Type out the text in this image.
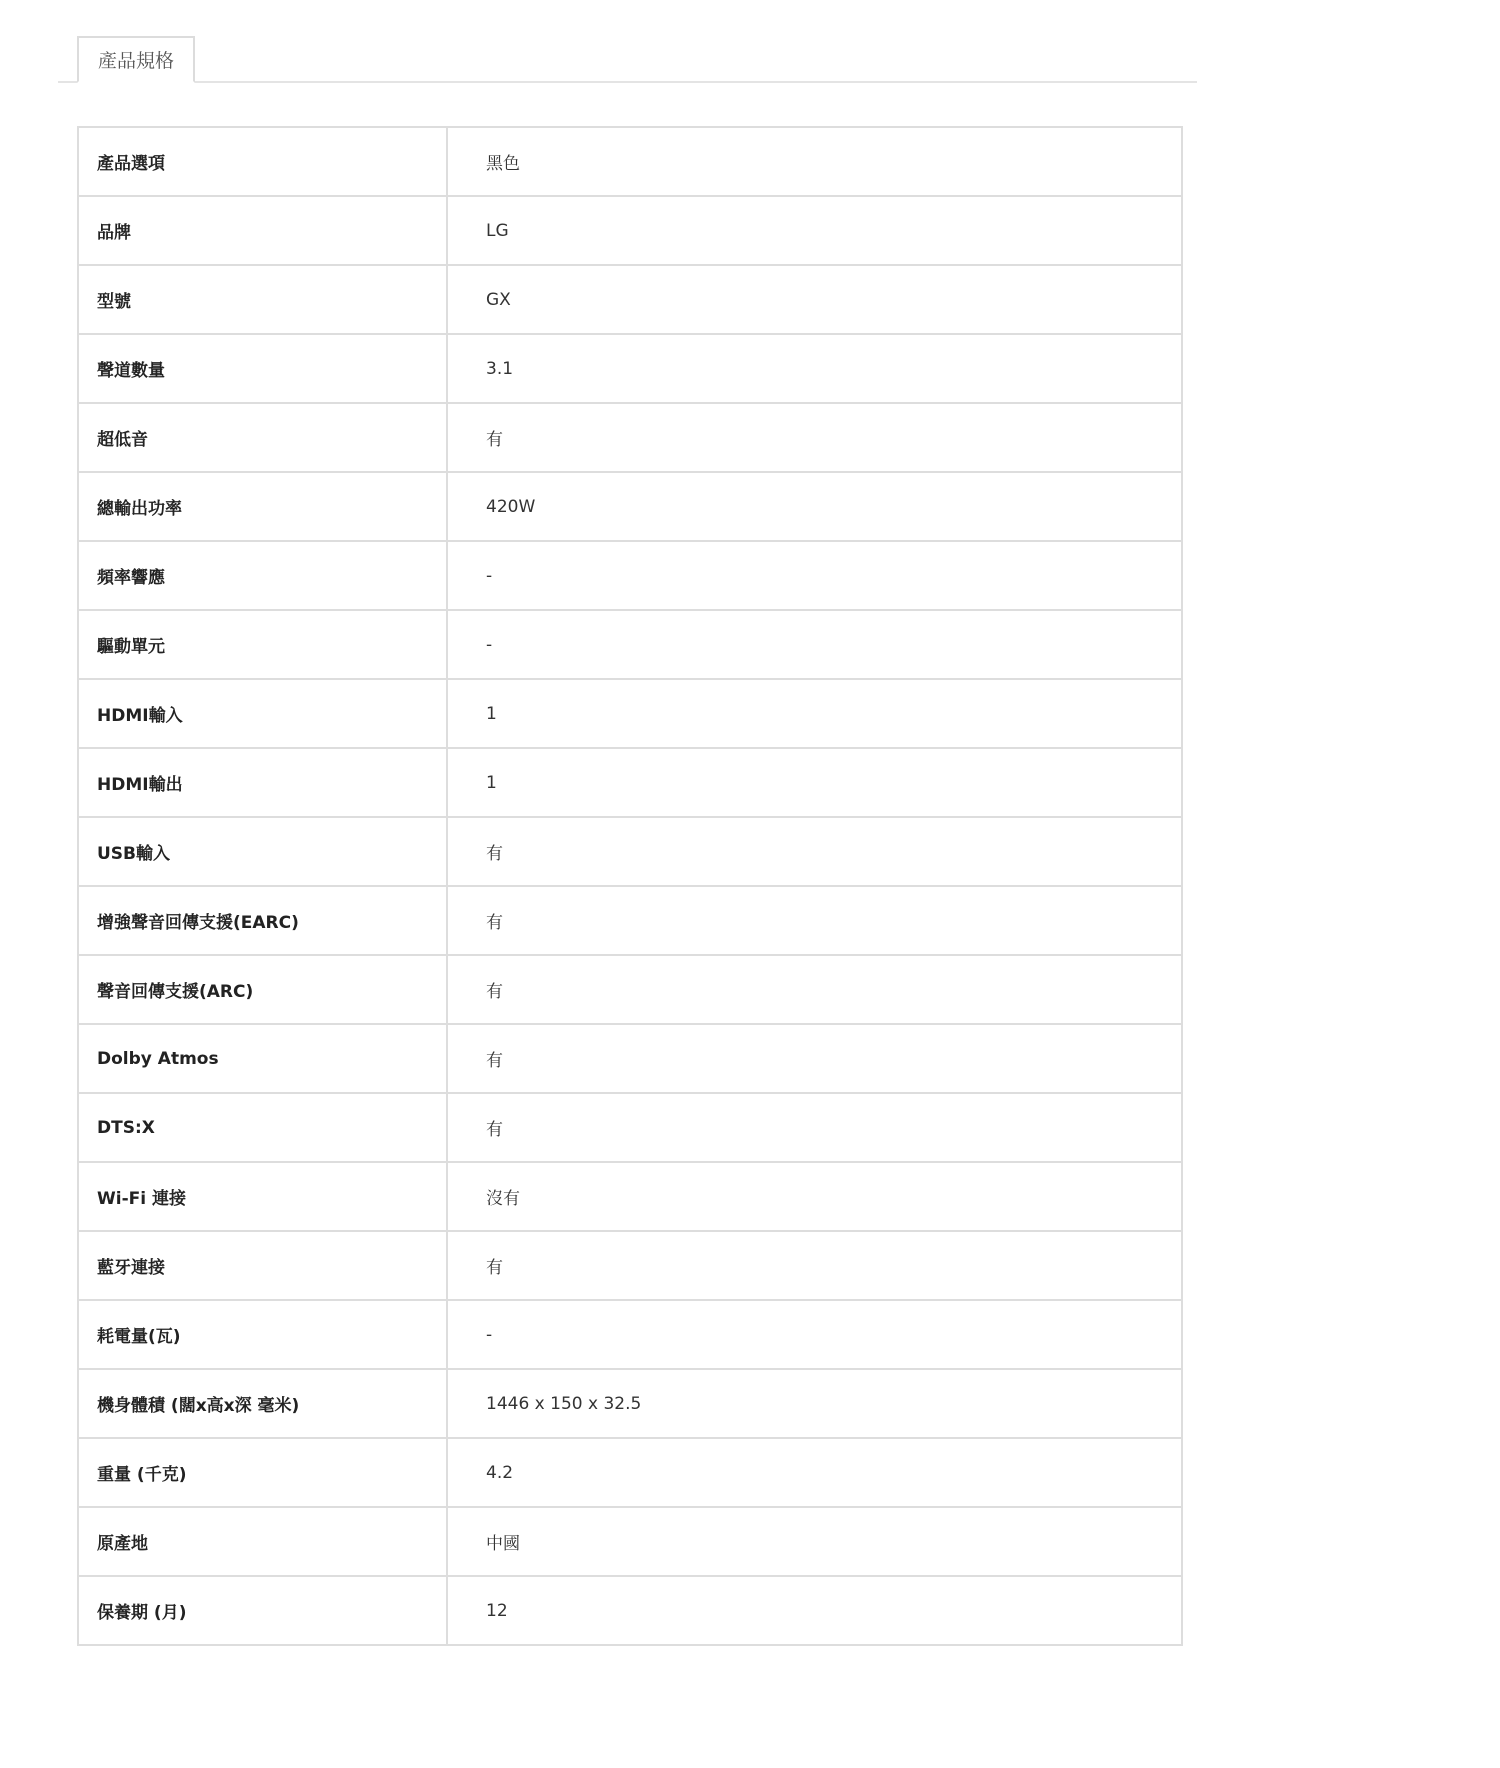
產品規格
產品選項	黑色
品牌	LG
型號	GX
聲道數量	3.1
超低音	有
總輸出功率	420W
頻率響應	-
驅動單元	-
HDMI輸入	1
HDMI輸出	1
USB輸入	有
增強聲音回傳支援(EARC)	有
聲音回傳支援(ARC)	有
Dolby Atmos	有
DTS:X	有
Wi-Fi 連接	沒有
藍牙連接	有
耗電量(瓦)	-
機身體積 (闊x高x深 毫米)	1446 x 150 x 32.5
重量 (千克)	4.2
原產地	中國
保養期 (月)	12
